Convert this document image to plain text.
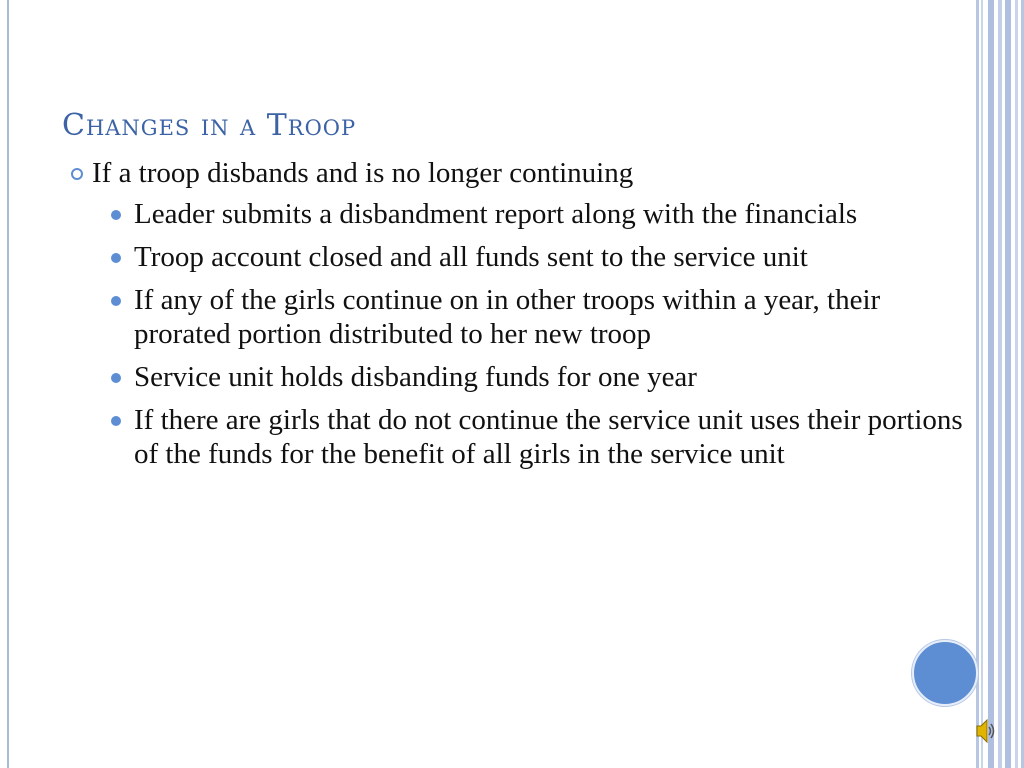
Changes in a Troop

If a troop disbands and is no longer continuing

Leader submits a disbandment report along with the financials
Troop account closed and all funds sent to the service unit
If any of the girls continue on in other troops within a year, their prorated portion distributed to her new troop
Service unit holds disbanding funds for one year
If there are girls that do not continue the service unit uses their portions of the funds for the benefit of all girls in the service unit
